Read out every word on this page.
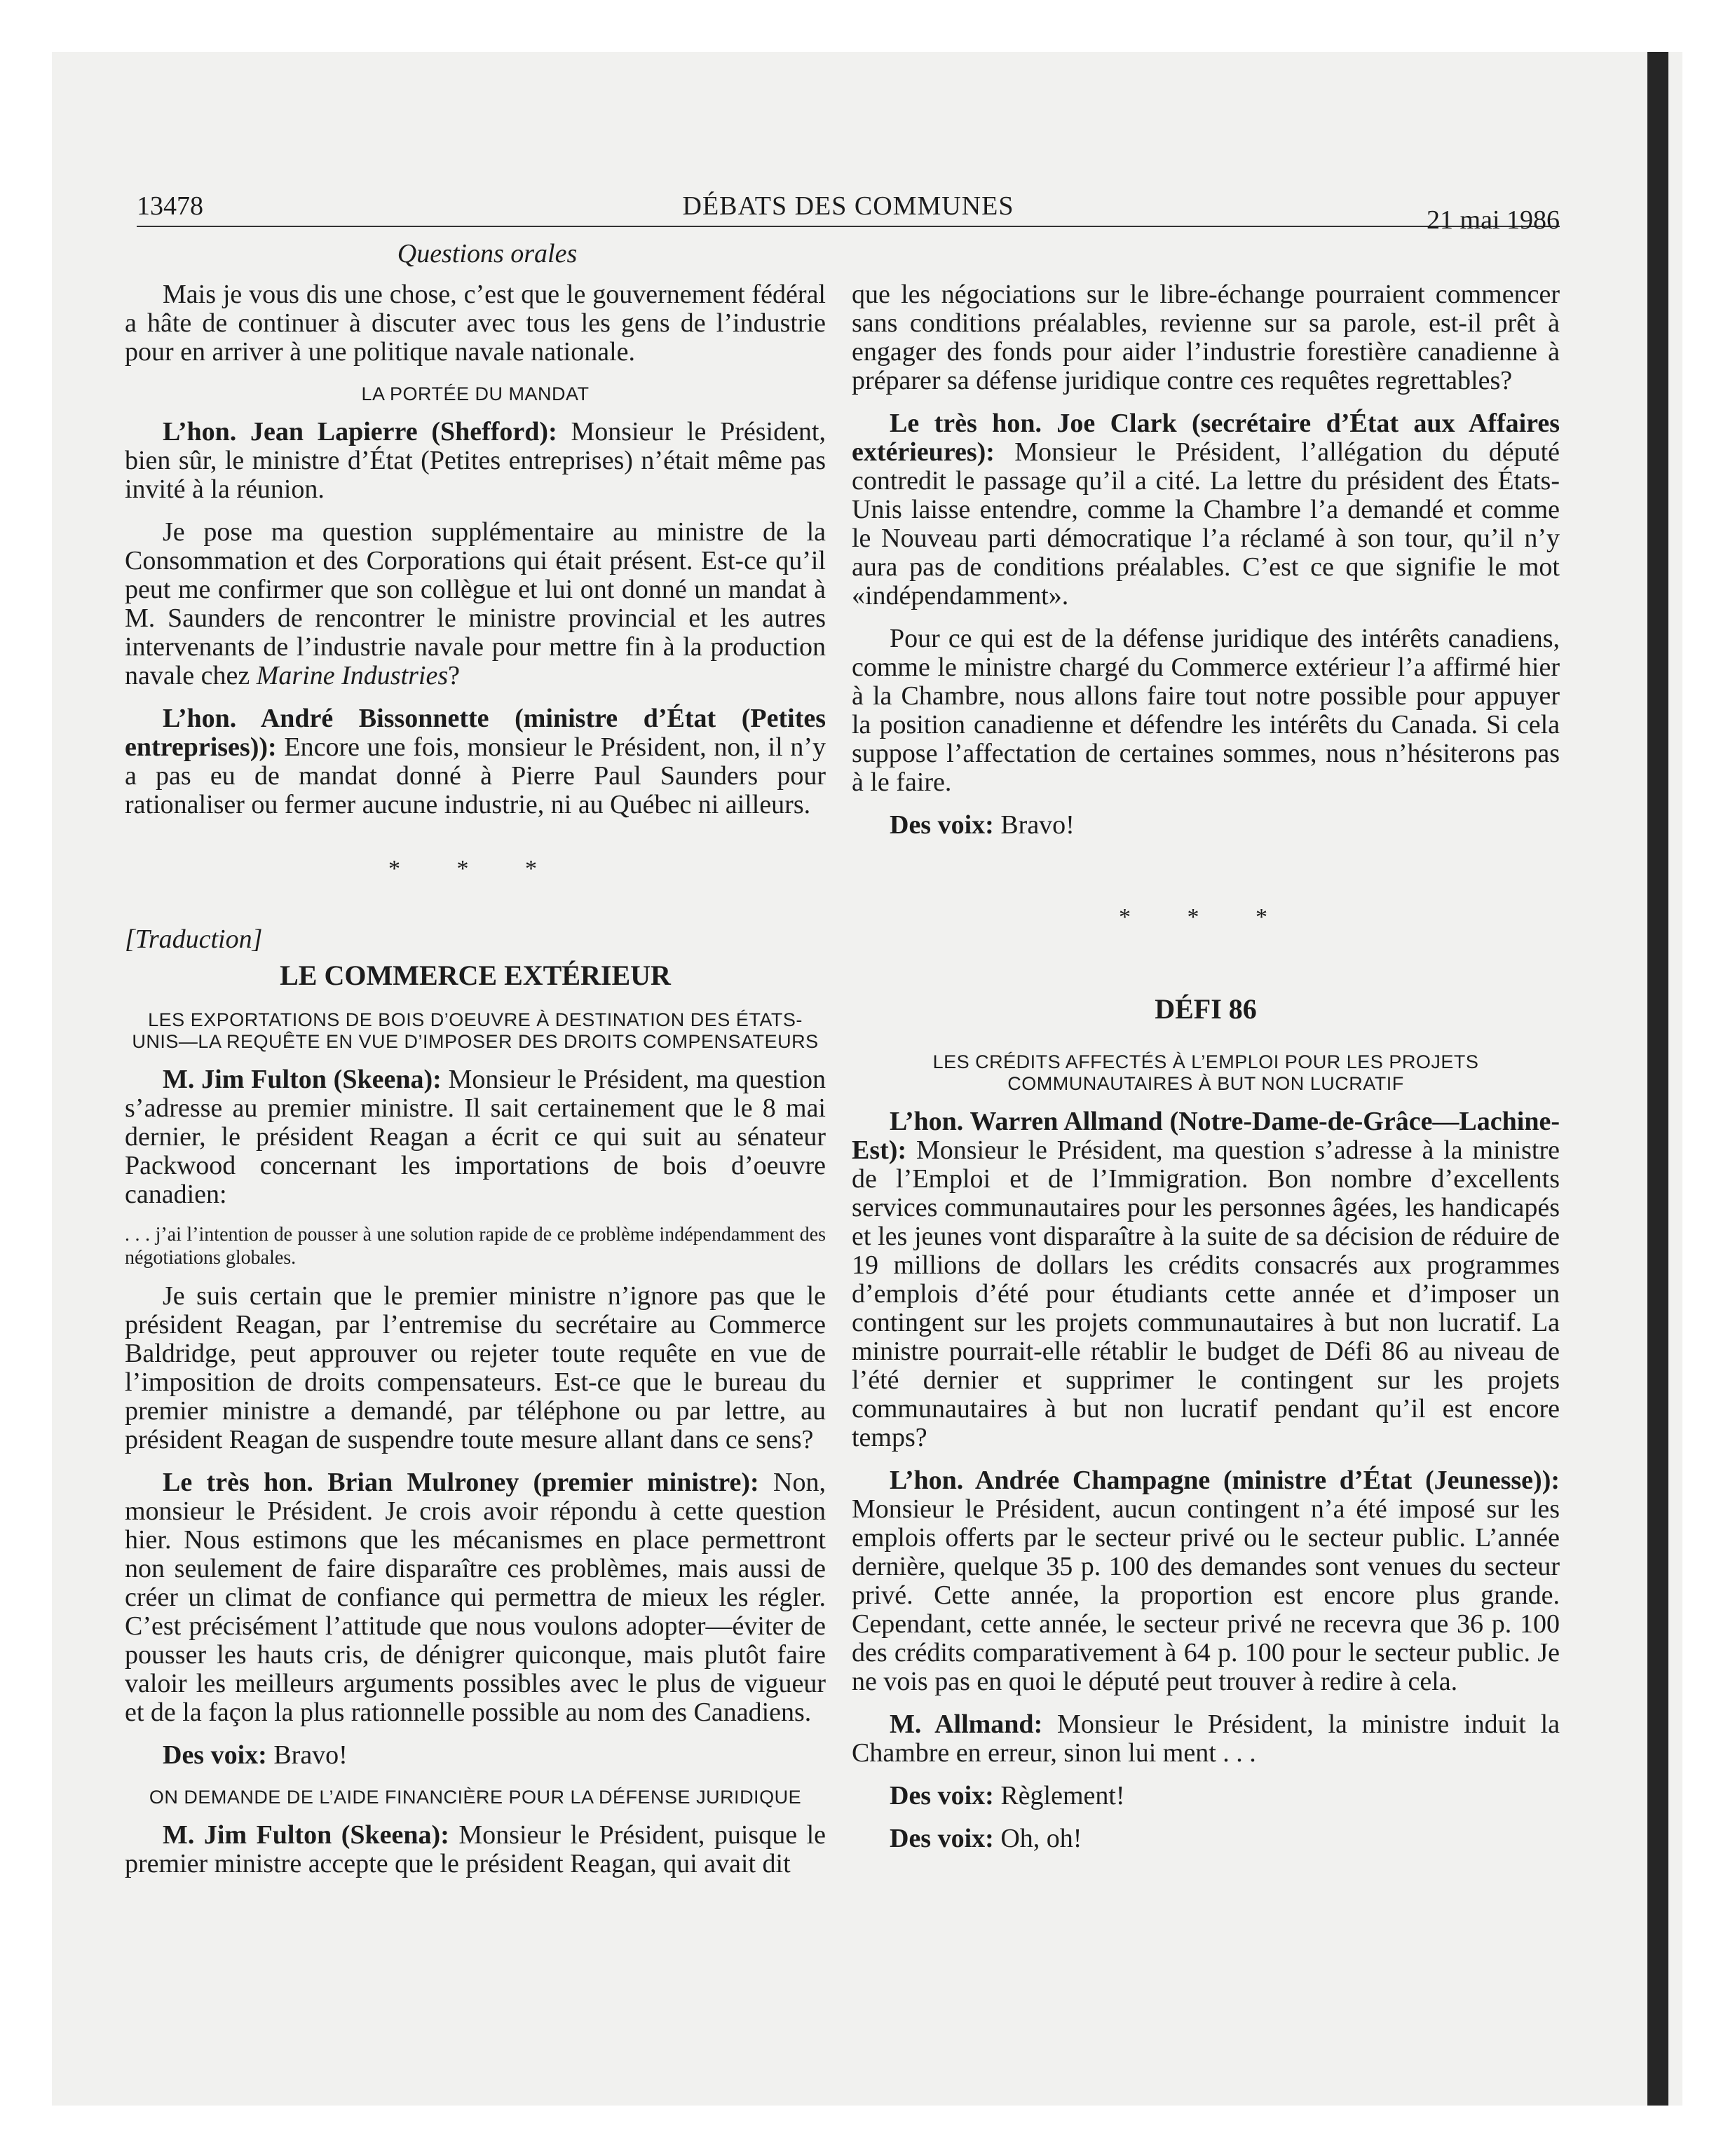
13478	DÉBATS DES COMMUNES	21 mai 1986
Questions orales

Mais je vous dis une chose, c’est que le gouvernement fédéral a hâte de continuer à discuter avec tous les gens de l’industrie pour en arriver à une politique navale nationale.

LA PORTÉE DU MANDAT

L’hon. Jean Lapierre (Shefford): Monsieur le Président, bien sûr, le ministre d’État (Petites entreprises) n’était même pas invité à la réunion.

Je pose ma question supplémentaire au ministre de la Consommation et des Corporations qui était présent. Est-ce qu’il peut me confirmer que son collègue et lui ont donné un mandat à M. Saunders de rencontrer le ministre provincial et les autres intervenants de l’industrie navale pour mettre fin à la production navale chez Marine Industries?

L’hon. André Bissonnette (ministre d’État (Petites entreprises)): Encore une fois, monsieur le Président, non, il n’y a pas eu de mandat donné à Pierre Paul Saunders pour rationaliser ou fermer aucune industrie, ni au Québec ni ailleurs.

* * *

[Traduction]

LE COMMERCE EXTÉRIEUR
LES EXPORTATIONS DE BOIS D’OEUVRE À DESTINATION DES ÉTATS-UNIS—LA REQUÊTE EN VUE D’IMPOSER DES DROITS COMPENSATEURS

M. Jim Fulton (Skeena): Monsieur le Président, ma question s’adresse au premier ministre. Il sait certainement que le 8 mai dernier, le président Reagan a écrit ce qui suit au sénateur Packwood concernant les importations de bois d’oeuvre canadien:

. . . j’ai l’intention de pousser à une solution rapide de ce problème indépendamment des négotiations globales.

Je suis certain que le premier ministre n’ignore pas que le président Reagan, par l’entremise du secrétaire au Commerce Baldridge, peut approuver ou rejeter toute requête en vue de l’imposition de droits compensateurs. Est-ce que le bureau du premier ministre a demandé, par téléphone ou par lettre, au président Reagan de suspendre toute mesure allant dans ce sens?

Le très hon. Brian Mulroney (premier ministre): Non, monsieur le Président. Je crois avoir répondu à cette question hier. Nous estimons que les mécanismes en place permettront non seulement de faire disparaître ces problèmes, mais aussi de créer un climat de confiance qui permettra de mieux les régler. C’est précisément l’attitude que nous voulons adopter—éviter de pousser les hauts cris, de dénigrer quiconque, mais plutôt faire valoir les meilleurs arguments possibles avec le plus de vigueur et de la façon la plus rationnelle possible au nom des Canadiens.

Des voix: Bravo!

ON DEMANDE DE L’AIDE FINANCIÈRE POUR LA DÉFENSE JURIDIQUE

M. Jim Fulton (Skeena): Monsieur le Président, puisque le premier ministre accepte que le président Reagan, qui avait dit

que les négociations sur le libre-échange pourraient commencer sans conditions préalables, revienne sur sa parole, est-il prêt à engager des fonds pour aider l’industrie forestière canadienne à préparer sa défense juridique contre ces requêtes regrettables?

Le très hon. Joe Clark (secrétaire d’État aux Affaires extérieures): Monsieur le Président, l’allégation du député contredit le passage qu’il a cité. La lettre du président des États-Unis laisse entendre, comme la Chambre l’a demandé et comme le Nouveau parti démocratique l’a réclamé à son tour, qu’il n’y aura pas de conditions préalables. C’est ce que signifie le mot «indépendamment».

Pour ce qui est de la défense juridique des intérêts canadiens, comme le ministre chargé du Commerce extérieur l’a affirmé hier à la Chambre, nous allons faire tout notre possible pour appuyer la position canadienne et défendre les intérêts du Canada. Si cela suppose l’affectation de certaines sommes, nous n’hésiterons pas à le faire.

Des voix: Bravo!

* * *
DÉFI 86
LES CRÉDITS AFFECTÉS À L’EMPLOI POUR LES PROJETS COMMUNAUTAIRES À BUT NON LUCRATIF

L’hon. Warren Allmand (Notre-Dame-de-Grâce—Lachine-Est): Monsieur le Président, ma question s’adresse à la ministre de l’Emploi et de l’Immigration. Bon nombre d’excellents services communautaires pour les personnes âgées, les handicapés et les jeunes vont disparaître à la suite de sa décision de réduire de 19 millions de dollars les crédits consacrés aux programmes d’emplois d’été pour étudiants cette année et d’imposer un contingent sur les projets communautaires à but non lucratif. La ministre pourrait-elle rétablir le budget de Défi 86 au niveau de l’été dernier et supprimer le contingent sur les projets communautaires à but non lucratif pendant qu’il est encore temps?

L’hon. Andrée Champagne (ministre d’État (Jeunesse)): Monsieur le Président, aucun contingent n’a été imposé sur les emplois offerts par le secteur privé ou le secteur public. L’année dernière, quelque 35 p. 100 des demandes sont venues du secteur privé. Cette année, la proportion est encore plus grande. Cependant, cette année, le secteur privé ne recevra que 36 p. 100 des crédits comparativement à 64 p. 100 pour le secteur public. Je ne vois pas en quoi le député peut trouver à redire à cela.

M. Allmand: Monsieur le Président, la ministre induit la Chambre en erreur, sinon lui ment . . .

Des voix: Règlement!

Des voix: Oh, oh!
